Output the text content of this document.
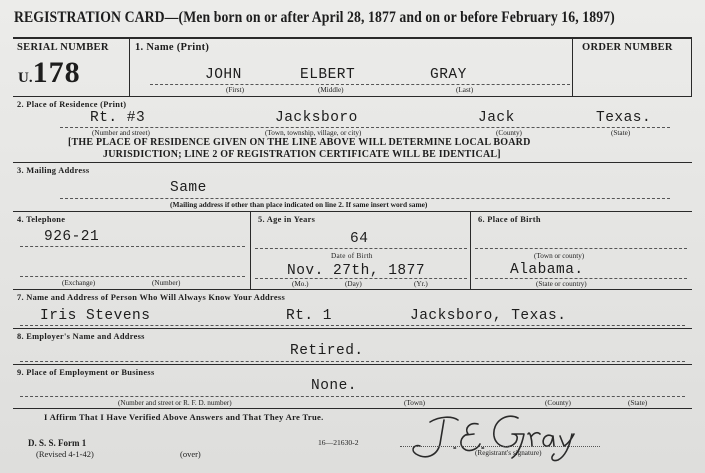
REGISTRATION CARD—(Men born on or after April 28, 1877 and on or before February 16, 1897)
SERIAL NUMBER
U.178
1. Name (Print)
JOHN	ELBERT	GRAY
(First)	(Middle)	(Last)
ORDER NUMBER
2. Place of Residence (Print)
Rt. #3	Jacksboro	Jack	Texas.
(Number and street)	(Town, township, village, or city)	(County)	(State)
[THE PLACE OF RESIDENCE GIVEN ON THE LINE ABOVE WILL DETERMINE LOCAL BOARD
JURISDICTION; LINE 2 OF REGISTRATION CERTIFICATE WILL BE IDENTICAL]
3. Mailing Address
Same
(Mailing address if other than place indicated on line 2. If same insert word same)
4. Telephone
926-21
(Exchange)	(Number)
5. Age in Years
64
Date of Birth
Nov. 27th, 1877
(Mo.)	(Day)	(Yr.)
6. Place of Birth
(Town or county)
Alabama.
(State or country)
7. Name and Address of Person Who Will Always Know Your Address
Iris Stevens	Rt. 1	Jacksboro, Texas.
8. Employer's Name and Address
Retired.
9. Place of Employment or Business
None.
(Number and street or R. F. D. number)	(Town)	(County)	(State)
I Affirm That I Have Verified Above Answers and That They Are True.
D. S. S. Form 1
(Revised 4-1-42)	(over)
16—21630-2
(Registrant's signature)
